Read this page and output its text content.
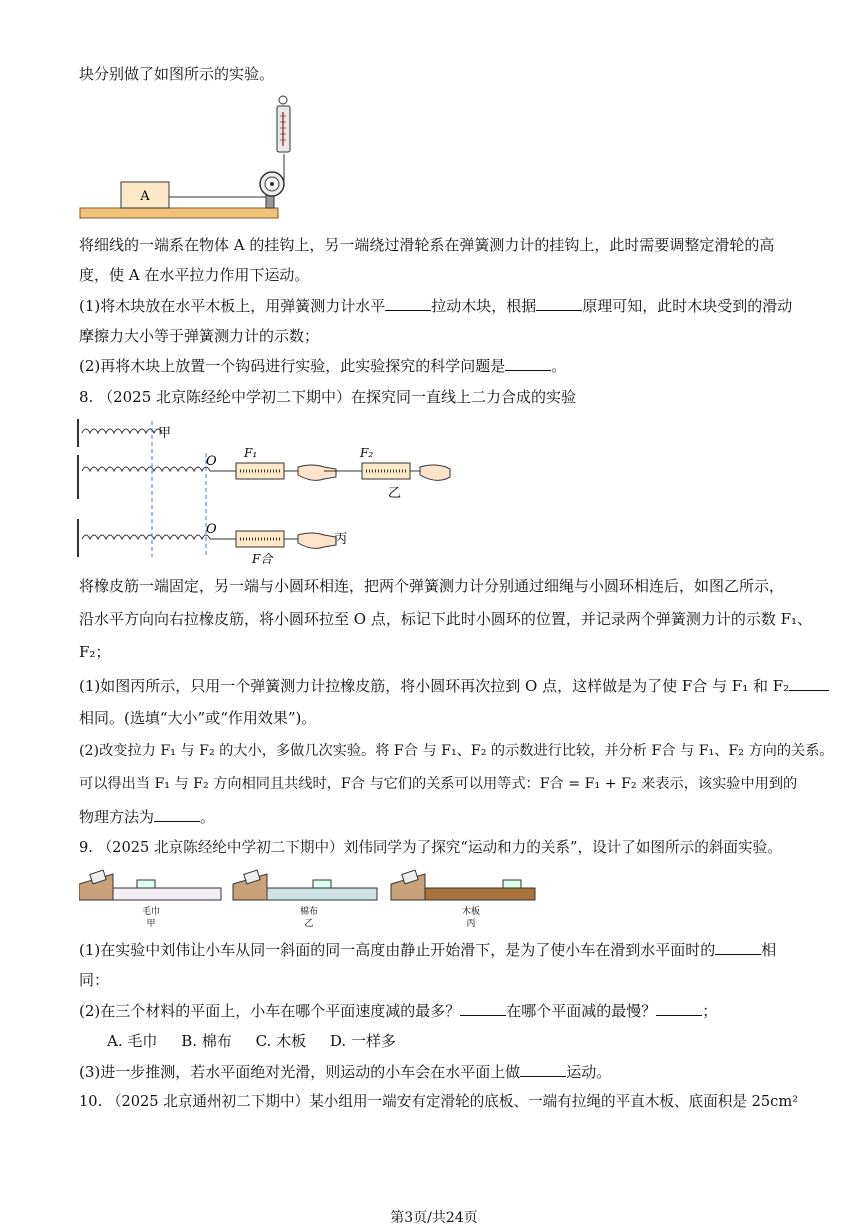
块分别做了如图所示的实验。
A
将细线的一端系在物体 A 的挂钩上，另一端绕过滑轮系在弹簧测力计的挂钩上，此时需要调整定滑轮的高
度，使 A 在水平拉力作用下运动。
(1)将木块放在水平木板上，用弹簧测力计水平	拉动木块，根据	原理可知，此时木块受到的滑动
摩擦力大小等于弹簧测力计的示数；
(2)再将木块上放置一个钩码进行实验，此实验探究的科学问题是	。
8. （2025 北京陈经纶中学初二下期中）在探究同一直线上二力合成的实验
甲
O
O
F₁	F₂
乙
丙
F合
将橡皮筋一端固定，另一端与小圆环相连，把两个弹簧测力计分别通过细绳与小圆环相连后，如图乙所示，
沿水平方向向右拉橡皮筋，将小圆环拉至 O 点，标记下此时小圆环的位置，并记录两个弹簧测力计的示数 F₁、
F₂；
(1)如图丙所示，只用一个弹簧测力计拉橡皮筋，将小圆环再次拉到 O 点，这样做是为了使 F合 与 F₁ 和 F₂
相同。(选填“大小”或“作用效果”)。
(2)改变拉力 F₁ 与 F₂ 的大小，多做几次实验。将 F合 与 F₁、F₂ 的示数进行比较，并分析 F合 与 F₁、F₂ 方向的关系。
可以得出当 F₁ 与 F₂ 方向相同且共线时，F合 与它们的关系可以用等式：F合 = F₁ + F₂ 来表示，该实验中用到的
物理方法为	。
9. （2025 北京陈经纶中学初二下期中）刘伟同学为了探究“运动和力的关系”，设计了如图所示的斜面实验。
毛巾
甲
棉布
乙
木板
丙
(1)在实验中刘伟让小车从同一斜面的同一高度由静止开始滑下，是为了使小车在滑到水平面时的	相
同：
(2)在三个材料的平面上，小车在哪个平面速度减的最多？	在哪个平面减的最慢？	；
A. 毛巾     B. 棉布     C. 木板     D. 一样多
(3)进一步推测，若水平面绝对光滑，则运动的小车会在水平面上做	运动。
10. （2025 北京通州初二下期中）某小组用一端安有定滑轮的底板、一端有拉绳的平直木板、底面积是 25cm²
第3页/共24页
